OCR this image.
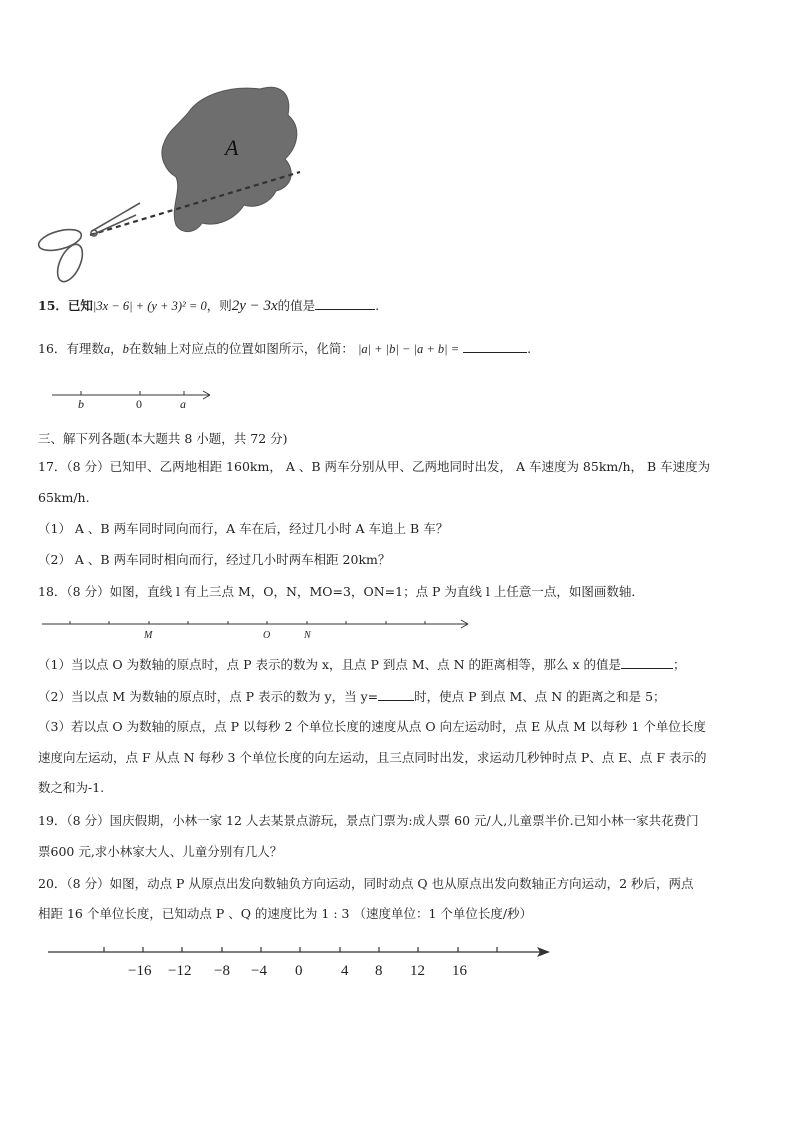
A
15．已知|3x − 6| + (y + 3)² = 0，则2y − 3x的值是	.
16．有理数a，b在数轴上对应点的位置如图所示，化简： |a| + |b| − |a + b| =	.
b	0	a
三、解下列各题(本大题共 8 小题，共 72 分)
17．（8 分）已知甲、乙两地相距 160km， A 、B 两车分别从甲、乙两地同时出发， A 车速度为 85km/h， B 车速度为
65km/h.
（1） A 、B 两车同时同向而行，A 车在后，经过几小时 A 车追上 B 车？
（2） A 、B 两车同时相向而行，经过几小时两车相距 20km？
18．（8 分）如图，直线 l 有上三点 M，O，N，MO=3，ON=1；点 P 为直线 l 上任意一点，如图画数轴．
M	O	N
（1）当以点 O 为数轴的原点时，点 P 表示的数为 x，且点 P 到点 M、点 N 的距离相等，那么 x 的值是	；
（2）当以点 M 为数轴的原点时，点 P 表示的数为 y，当 y=	时，使点 P 到点 M、点 N 的距离之和是 5；
（3）若以点 O 为数轴的原点，点 P 以每秒 2 个单位长度的速度从点 O 向左运动时，点 E 从点 M 以每秒 1 个单位长度
速度向左运动，点 F 从点 N 每秒 3 个单位长度的向左运动，且三点同时出发，求运动几秒钟时点 P、点 E、点 F 表示的
数之和为-1.
19．（8 分）国庆假期，小林一家 12 人去某景点游玩，景点门票为:成人票 60 元/人,儿童票半价.已知小林一家共花费门
票600 元,求小林家大人、儿童分别有几人？
20．（8 分）如图，动点 P 从原点出发向数轴负方向运动，同时动点 Q 也从原点出发向数轴正方向运动，2 秒后，两点
相距 16 个单位长度，已知动点 P 、Q 的速度比为 1 : 3 （速度单位：1 个单位长度/秒）
−16 −12 −8 −4 0	4 8 12 16
